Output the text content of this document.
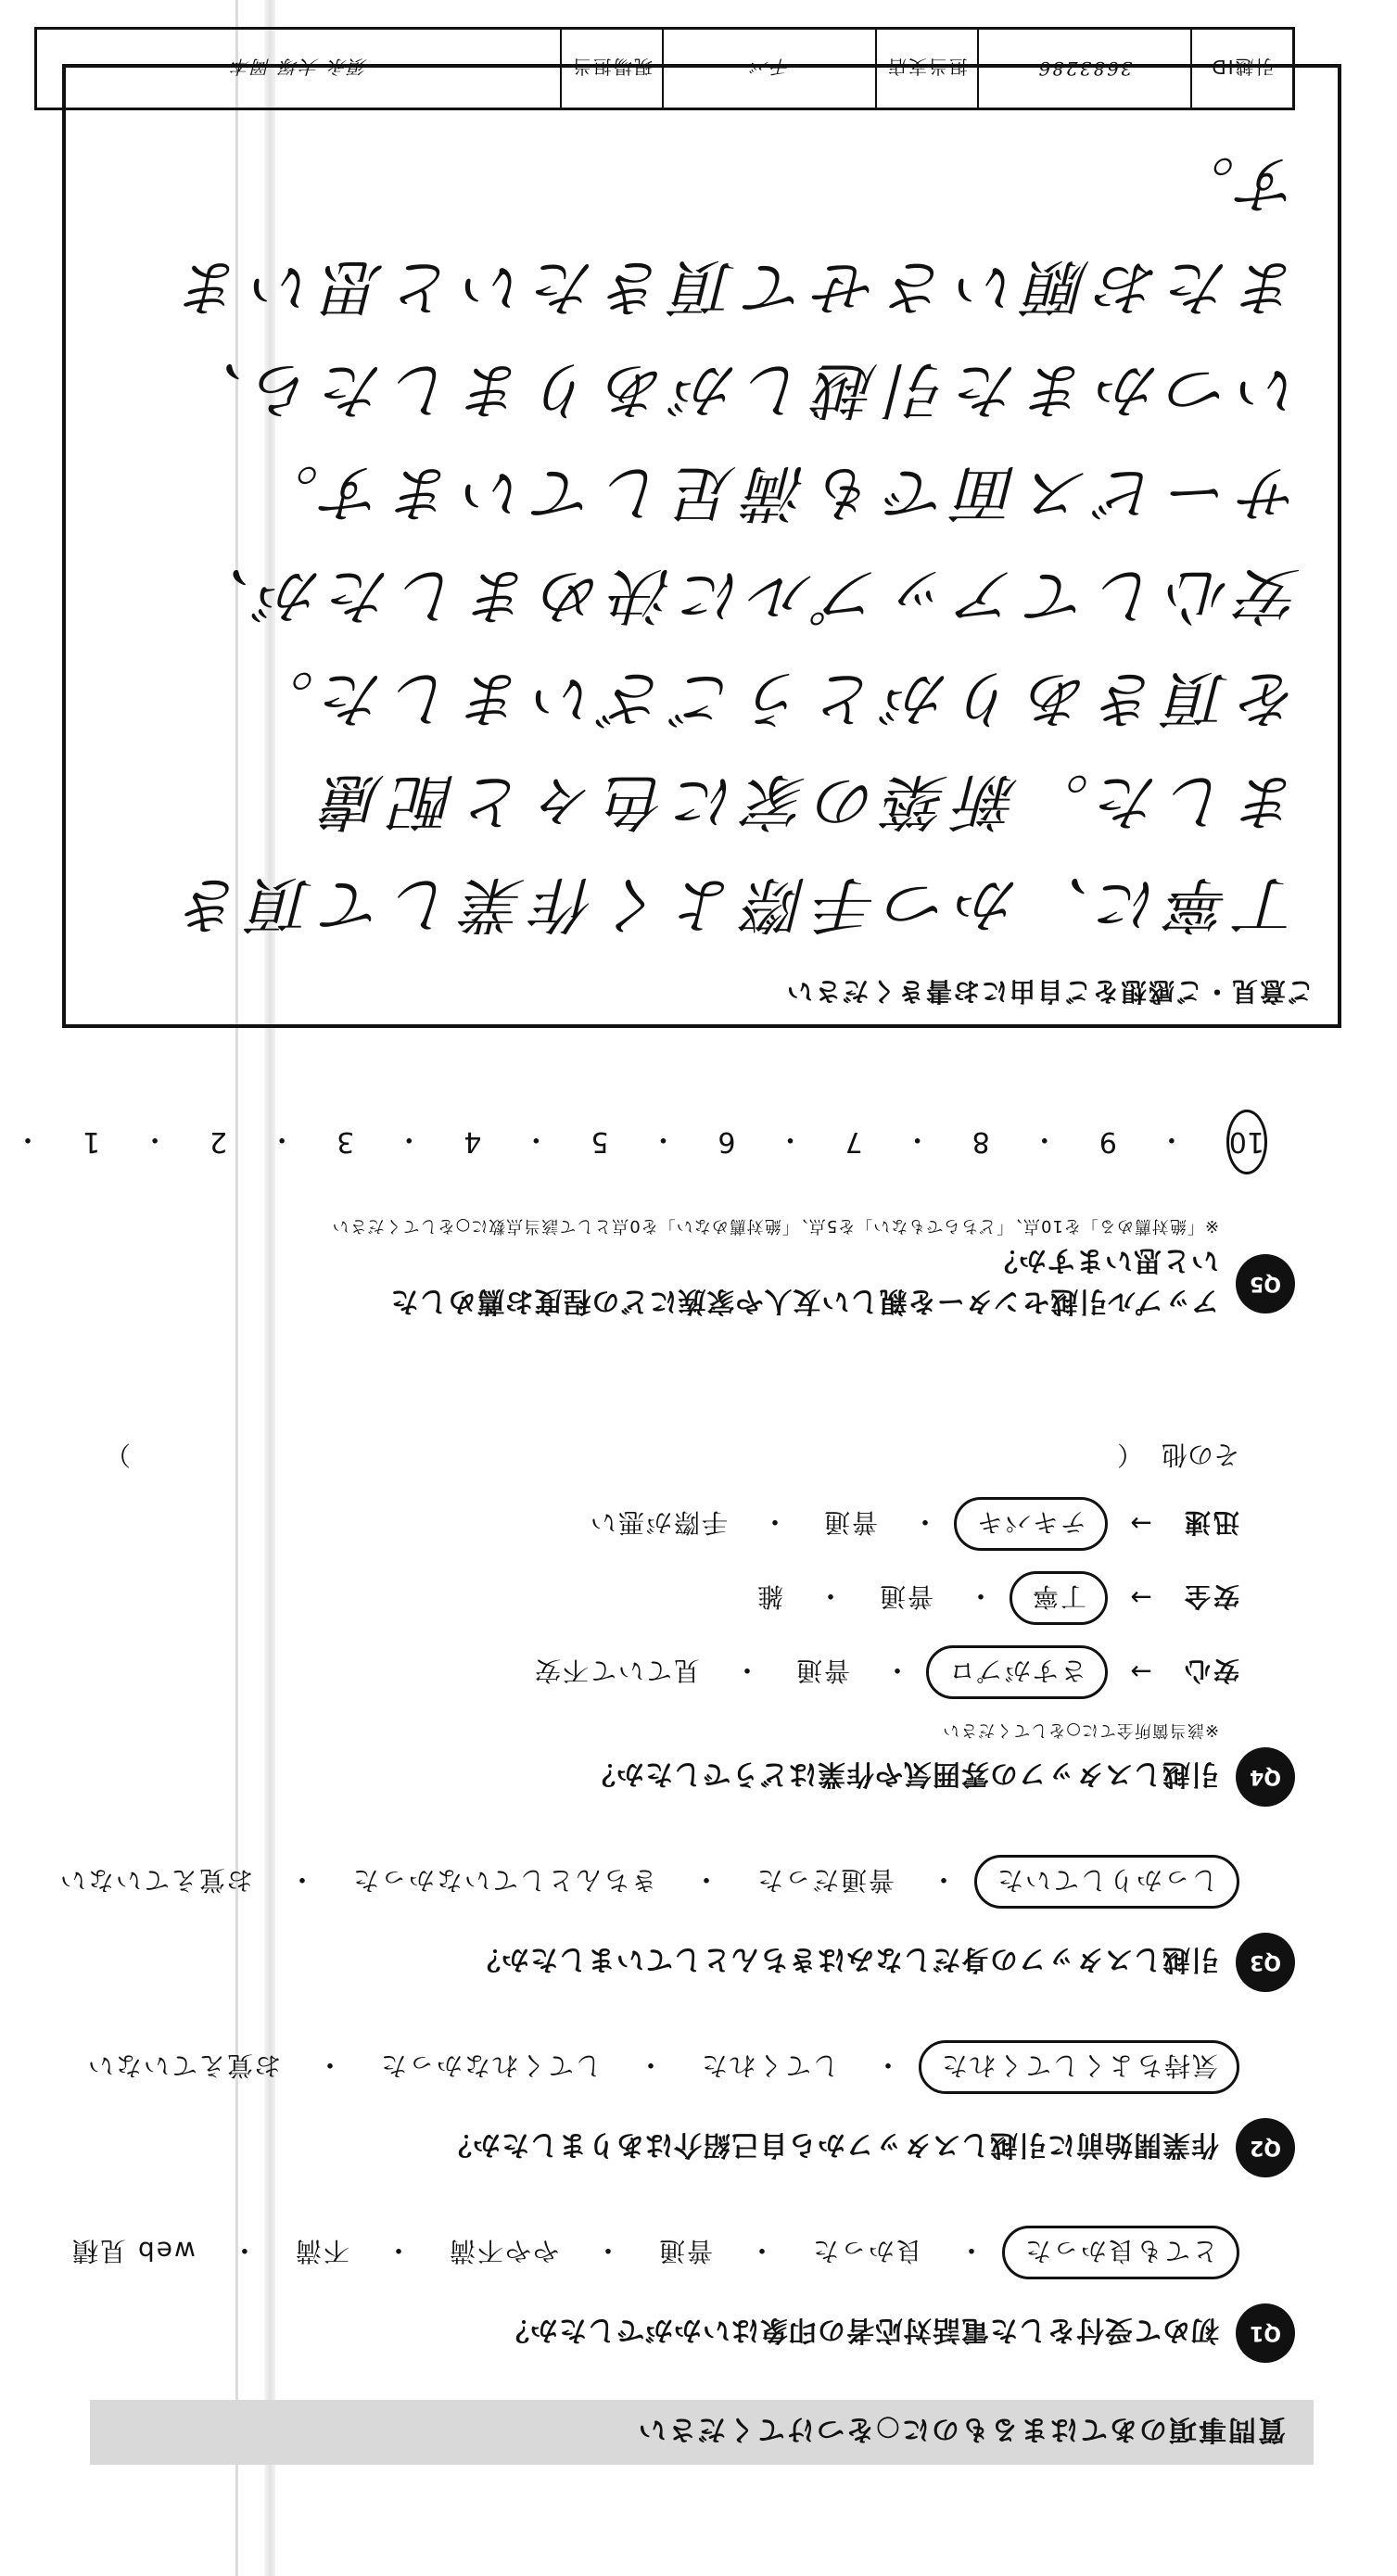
質問事項のあてはまるものに○をつけてください
Q1
初めて受付をした電話対応者の印象はいかがでしたか？
とても良かった
・
良かった
・
普通
・
やや不満
・
不満
・
web 見積
Q2
作業開始前に引越しスタッフから自己紹介はありましたか？
気持ちよくしてくれた
・
してくれた
・
してくれなかった
・
お覚えていない
Q3
引越しスタッフの身だしなみはきちんとしていましたか？
しっかりしていた
・
普通だった
・
きちんとしていなかった
・
お覚えていない
Q4
引越しスタッフの雰囲気や作業はどうでしたか？
※該当箇所全てに○をしてください
安心
→
さすがプロ
・
普通
・
見ていて不安
安全
→
丁寧
・
普通
・
雑
迅速
→
テキパキ
・
普通
・
手際が悪い
その他
（
）
Q5
アップル引越センターを親しい友人や家族にどの程度お薦めしたいと思いますか？
※「絶対薦める」を10点、「どちらでもない」を5点、「絶対薦めない」を0点として該当点数に○をしてください
10
・
9
・
8
・
7
・
6
・
5
・
4
・
3
・
2
・
1
・
ご意見・ご感想をご自由にお書きください
丁寧に、かつ手際よく作業して頂き
ました。新築の家に色々と配慮
を頂きありがとうございました。
安心してアップルに決めましたが、
サービス面でも満足しています。
いつかまた引越しがありましたら、
またお願いさせて頂きたいと思います。
引越ID
3683286
担当支店
千バ
現場担当
須永 大塚 岡本
